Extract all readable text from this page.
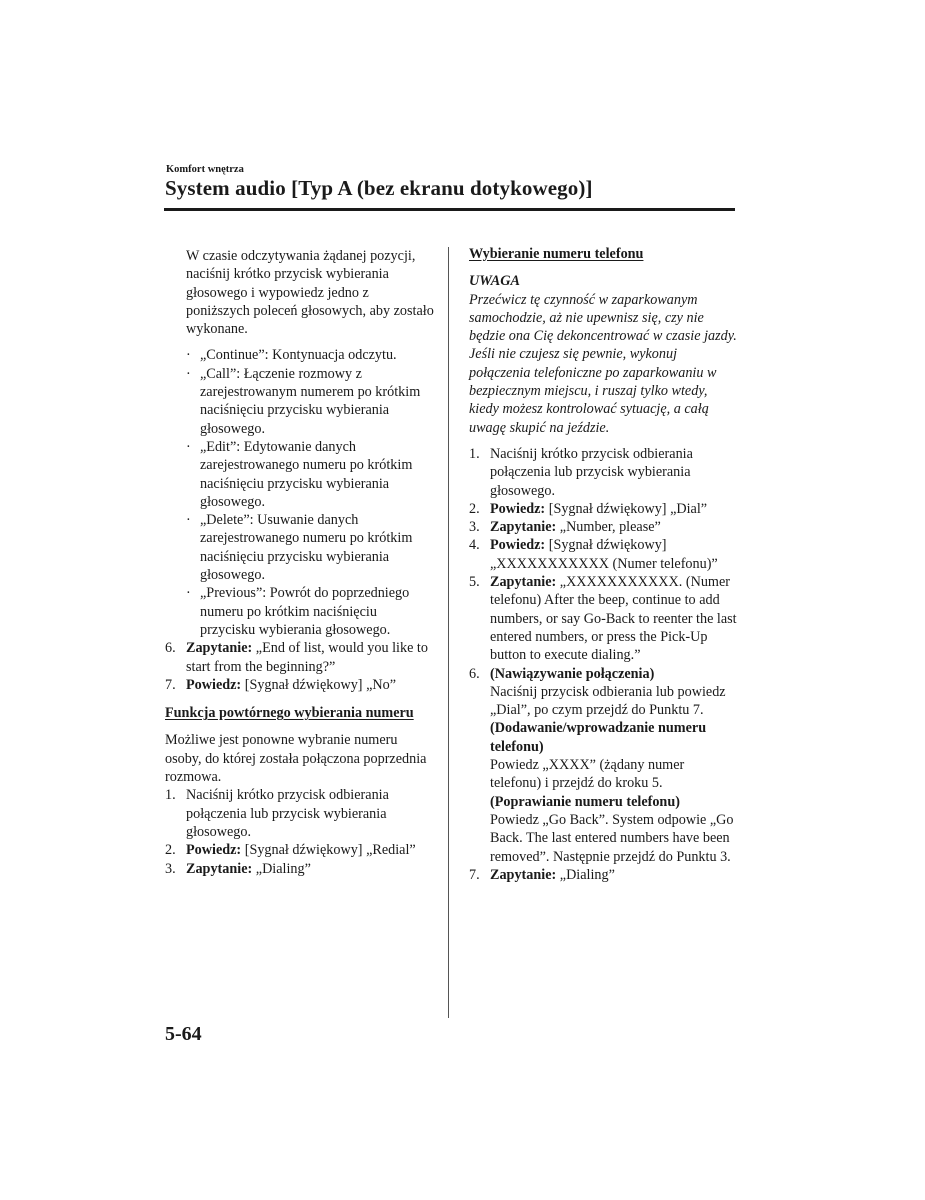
Komfort wnętrza
System audio [Typ A (bez ekranu dotykowego)]

W czasie odczytywania żądanej pozycji, naciśnij krótko przycisk wybierania głosowego i wypowiedz jedno z poniższych poleceń głosowych, aby zostało wykonane.

· „Continue”: Kontynuacja odczytu.
· „Call”: Łączenie rozmowy z zarejestrowanym numerem po krótkim naciśnięciu przycisku wybierania głosowego.
· „Edit”: Edytowanie danych zarejestrowanego numeru po krótkim naciśnięciu przycisku wybierania głosowego.
· „Delete”: Usuwanie danych zarejestrowanego numeru po krótkim naciśnięciu przycisku wybierania głosowego.
· „Previous”: Powrót do poprzedniego numeru po krótkim naciśnięciu przycisku wybierania głosowego.
6. Zapytanie: „End of list, would you like to start from the beginning?”
7. Powiedz: [Sygnał dźwiękowy] „No”

Funkcja powtórnego wybierania numeru

Możliwe jest ponowne wybranie numeru osoby, do której została połączona poprzednia rozmowa.

1. Naciśnij krótko przycisk odbierania połączenia lub przycisk wybierania głosowego.
2. Powiedz: [Sygnał dźwiękowy] „Redial”
3. Zapytanie: „Dialing”

Wybieranie numeru telefonu

UWAGA

Przećwicz tę czynność w zaparkowanym samochodzie, aż nie upewnisz się, czy nie będzie ona Cię dekoncentrować w czasie jazdy. Jeśli nie czujesz się pewnie, wykonuj połączenia telefoniczne po zaparkowaniu w bezpiecznym miejscu, i ruszaj tylko wtedy, kiedy możesz kontrolować sytuację, a całą uwagę skupić na jeździe.

1. Naciśnij krótko przycisk odbierania połączenia lub przycisk wybierania głosowego.
2. Powiedz: [Sygnał dźwiękowy] „Dial”
3. Zapytanie: „Number, please”
4. Powiedz: [Sygnał dźwiękowy] „XXXXXXXXXXX (Numer telefonu)”
5. Zapytanie: „XXXXXXXXXXX. (Numer telefonu) After the beep, continue to add numbers, or say Go-Back to reenter the last entered numbers, or press the Pick-Up button to execute dialing.”
6. (Nawiązywanie połączenia)
Naciśnij przycisk odbierania lub powiedz „Dial”, po czym przejdź do Punktu 7.
(Dodawanie/wprowadzanie numeru telefonu)
Powiedz „XXXX” (żądany numer telefonu) i przejdź do kroku 5.
(Poprawianie numeru telefonu)
Powiedz „Go Back”. System odpowie „Go Back. The last entered numbers have been removed”. Następnie przejdź do Punktu 3.
7. Zapytanie: „Dialing”
5-64
